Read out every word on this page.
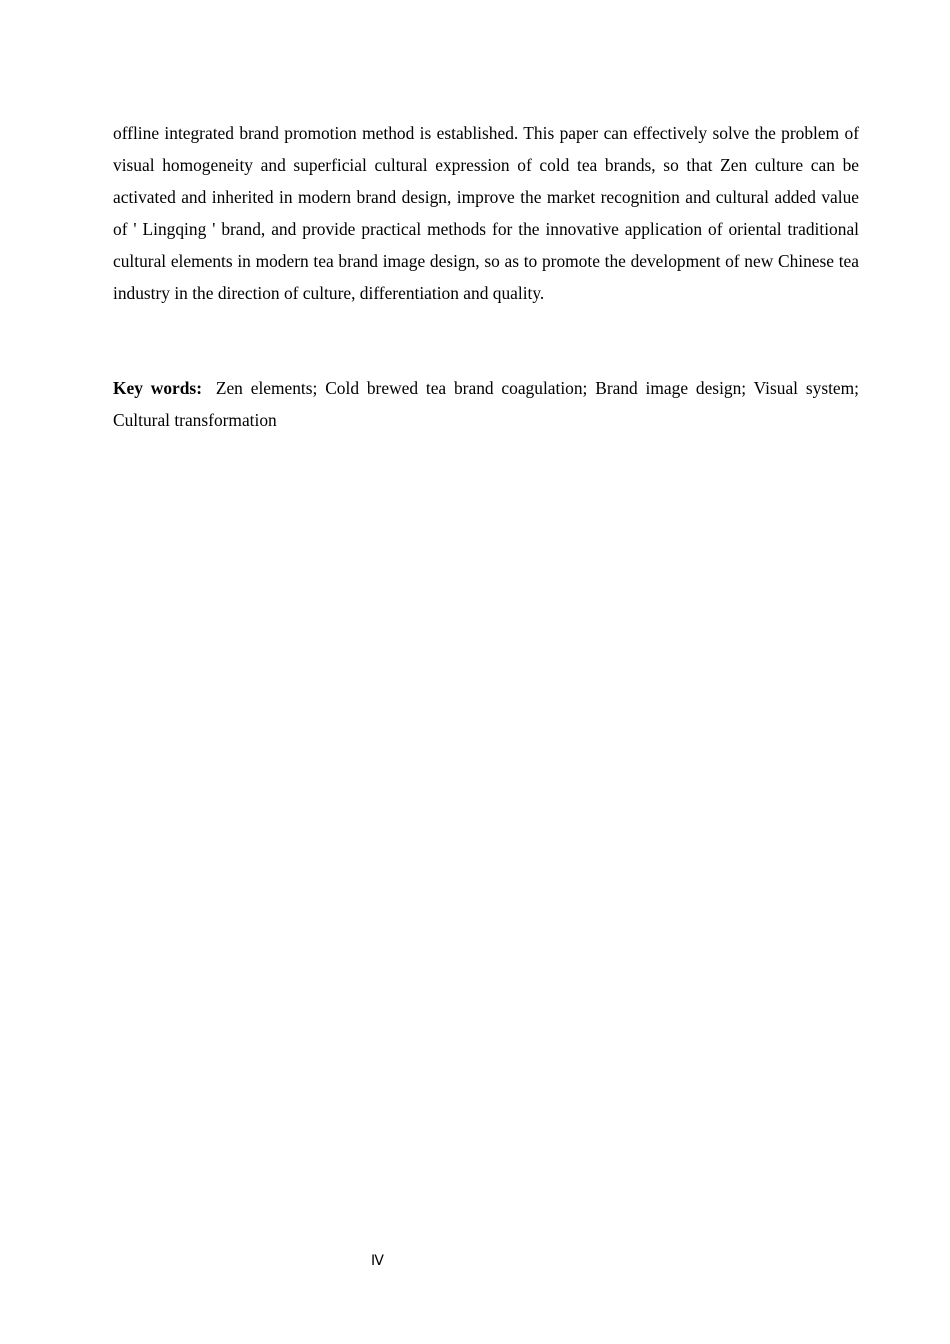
offline integrated brand promotion method is established. This paper can effectively solve the problem of visual homogeneity and superficial cultural expression of cold tea brands, so that Zen culture can be activated and inherited in modern brand design, improve the market recognition and cultural added value of ' Lingqing ' brand, and provide practical methods for the innovative application of oriental traditional cultural elements in modern tea brand image design, so as to promote the development of new Chinese tea industry in the direction of culture, differentiation and quality.

Key words: Zen elements; Cold brewed tea brand coagulation; Brand image design; Visual system; Cultural transformation

Ⅳ
